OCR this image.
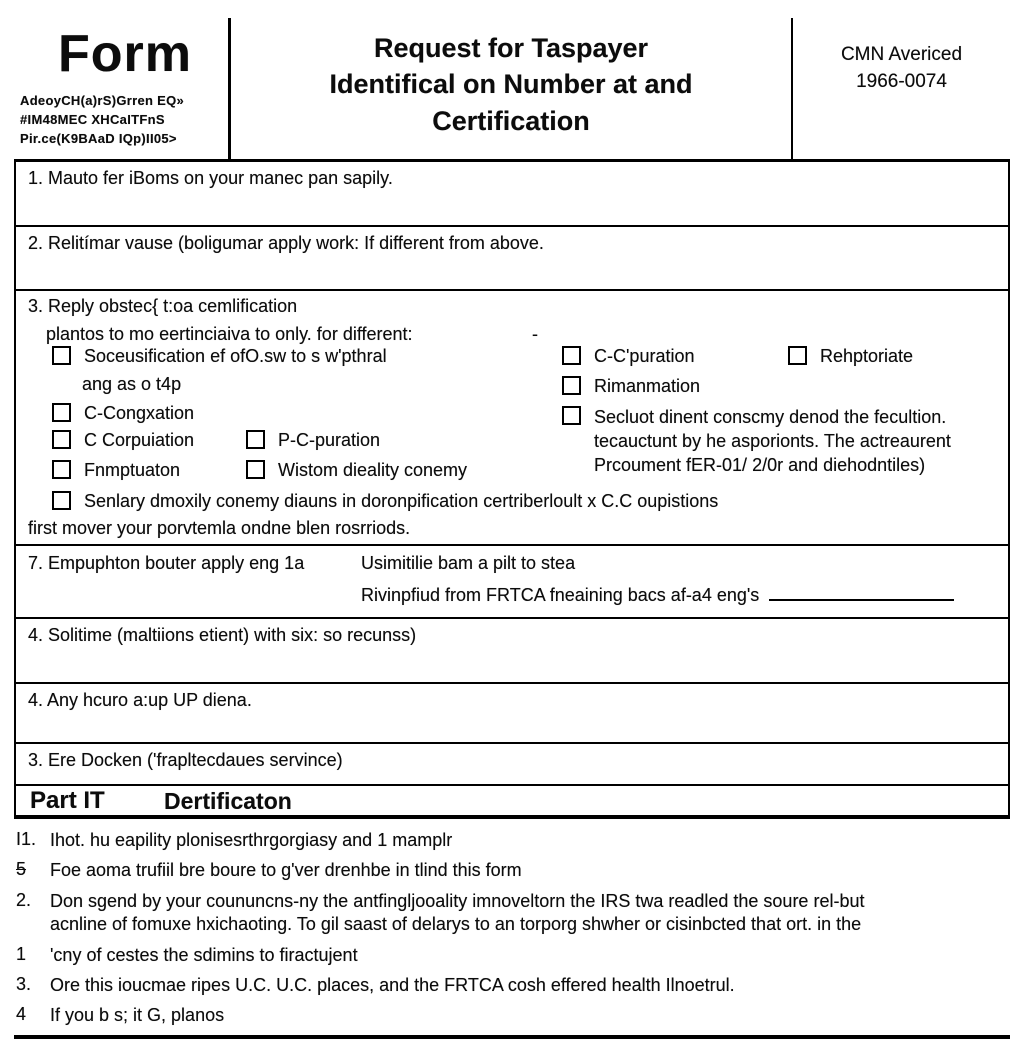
Form
AdeoyCH(a)rS)Grren EQ»
#IM48MEC XHCaITFnS
Pir.ce(K9BAaD IQp)II05>
Request for Taspayer
Identifical on Number at and
Certification
CMN Avericed
1966-0074
1. Mauto fer iBoms on your manec pan sapily.
2. Relitímar vause (boligumar apply work: If different from above.
3. Reply obstec{ t:oa cemlification
plantos to mo eertinciaiva to only. for different:	-
Soceusification ef ofO.sw to s w'pthral
ang as o t4p
C-Congxation
C Corpuiation	P-C-puration
Fnmptuaton	Wistom dieality conemy
Senlary dmoxily conemy diauns in doronpification certriberloult x C.C oupistions
first mover your porvtemla ondne blen rosrriods.
C-C'puration	Rehptoriate
Rimanmation
Secluot dinent conscmy denod the fecultion.
tecauctunt by he asporionts. The actreaurent
Prcoument fER-01/ 2/0r and diehodntiles)
7. Empuphton bouter apply eng 1a	Usimitilie bam a pilt to stea
Rivinpfiud from FRTCA fneaining bacs af-a4 eng's
4. Solitime (maltiions etient) with six: so recunss)
4. Any hcuro a:up UP diena.
3. Ere Docken ('frapltecdaues servince)
Part IT	Dertificaton
I1. Ihot. hu eapility plonisesrthrgorgiasy and 1 mamplr
5	Foe aoma trufiil bre boure to g'ver drenhbe in tlind this form
2.	Don sgend by your coununcns-ny the antfingljooality imnoveltorn the IRS twa readled the soure rel-but
acnline of fomuxe hxichaoting. To gil saast of delarys to an torporg shwher or cisinbcted that ort. in the
1	'cny of cestes the sdimins to firactujent
3.	Ore this ioucmae ripes U.C. U.C. places, and the FRTCA cosh effered health Ilnoetrul.
4	If you b s; it G, planos
